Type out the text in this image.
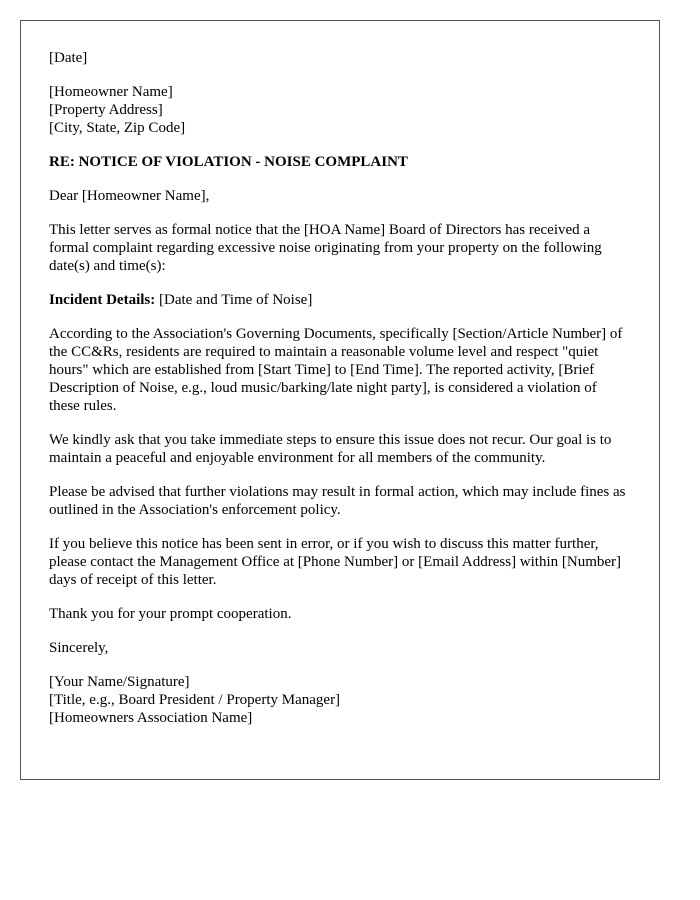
[Date]
[Homeowner Name]
[Property Address]
[City, State, Zip Code]

RE: NOTICE OF VIOLATION - NOISE COMPLAINT

Dear [Homeowner Name],

This letter serves as formal notice that the [HOA Name] Board of Directors has received a formal complaint regarding excessive noise originating from your property on the following date(s) and time(s):

Incident Details: [Date and Time of Noise]

According to the Association's Governing Documents, specifically [Section/Article Number] of the CC&Rs, residents are required to maintain a reasonable volume level and respect "quiet hours" which are established from [Start Time] to [End Time]. The reported activity, [Brief Description of Noise, e.g., loud music/barking/late night party], is considered a violation of these rules.

We kindly ask that you take immediate steps to ensure this issue does not recur. Our goal is to maintain a peaceful and enjoyable environment for all members of the community.

Please be advised that further violations may result in formal action, which may include fines as outlined in the Association's enforcement policy.

If you believe this notice has been sent in error, or if you wish to discuss this matter further, please contact the Management Office at [Phone Number] or [Email Address] within [Number] days of receipt of this letter.

Thank you for your prompt cooperation.

Sincerely,

[Your Name/Signature]
[Title, e.g., Board President / Property Manager]
[Homeowners Association Name]
